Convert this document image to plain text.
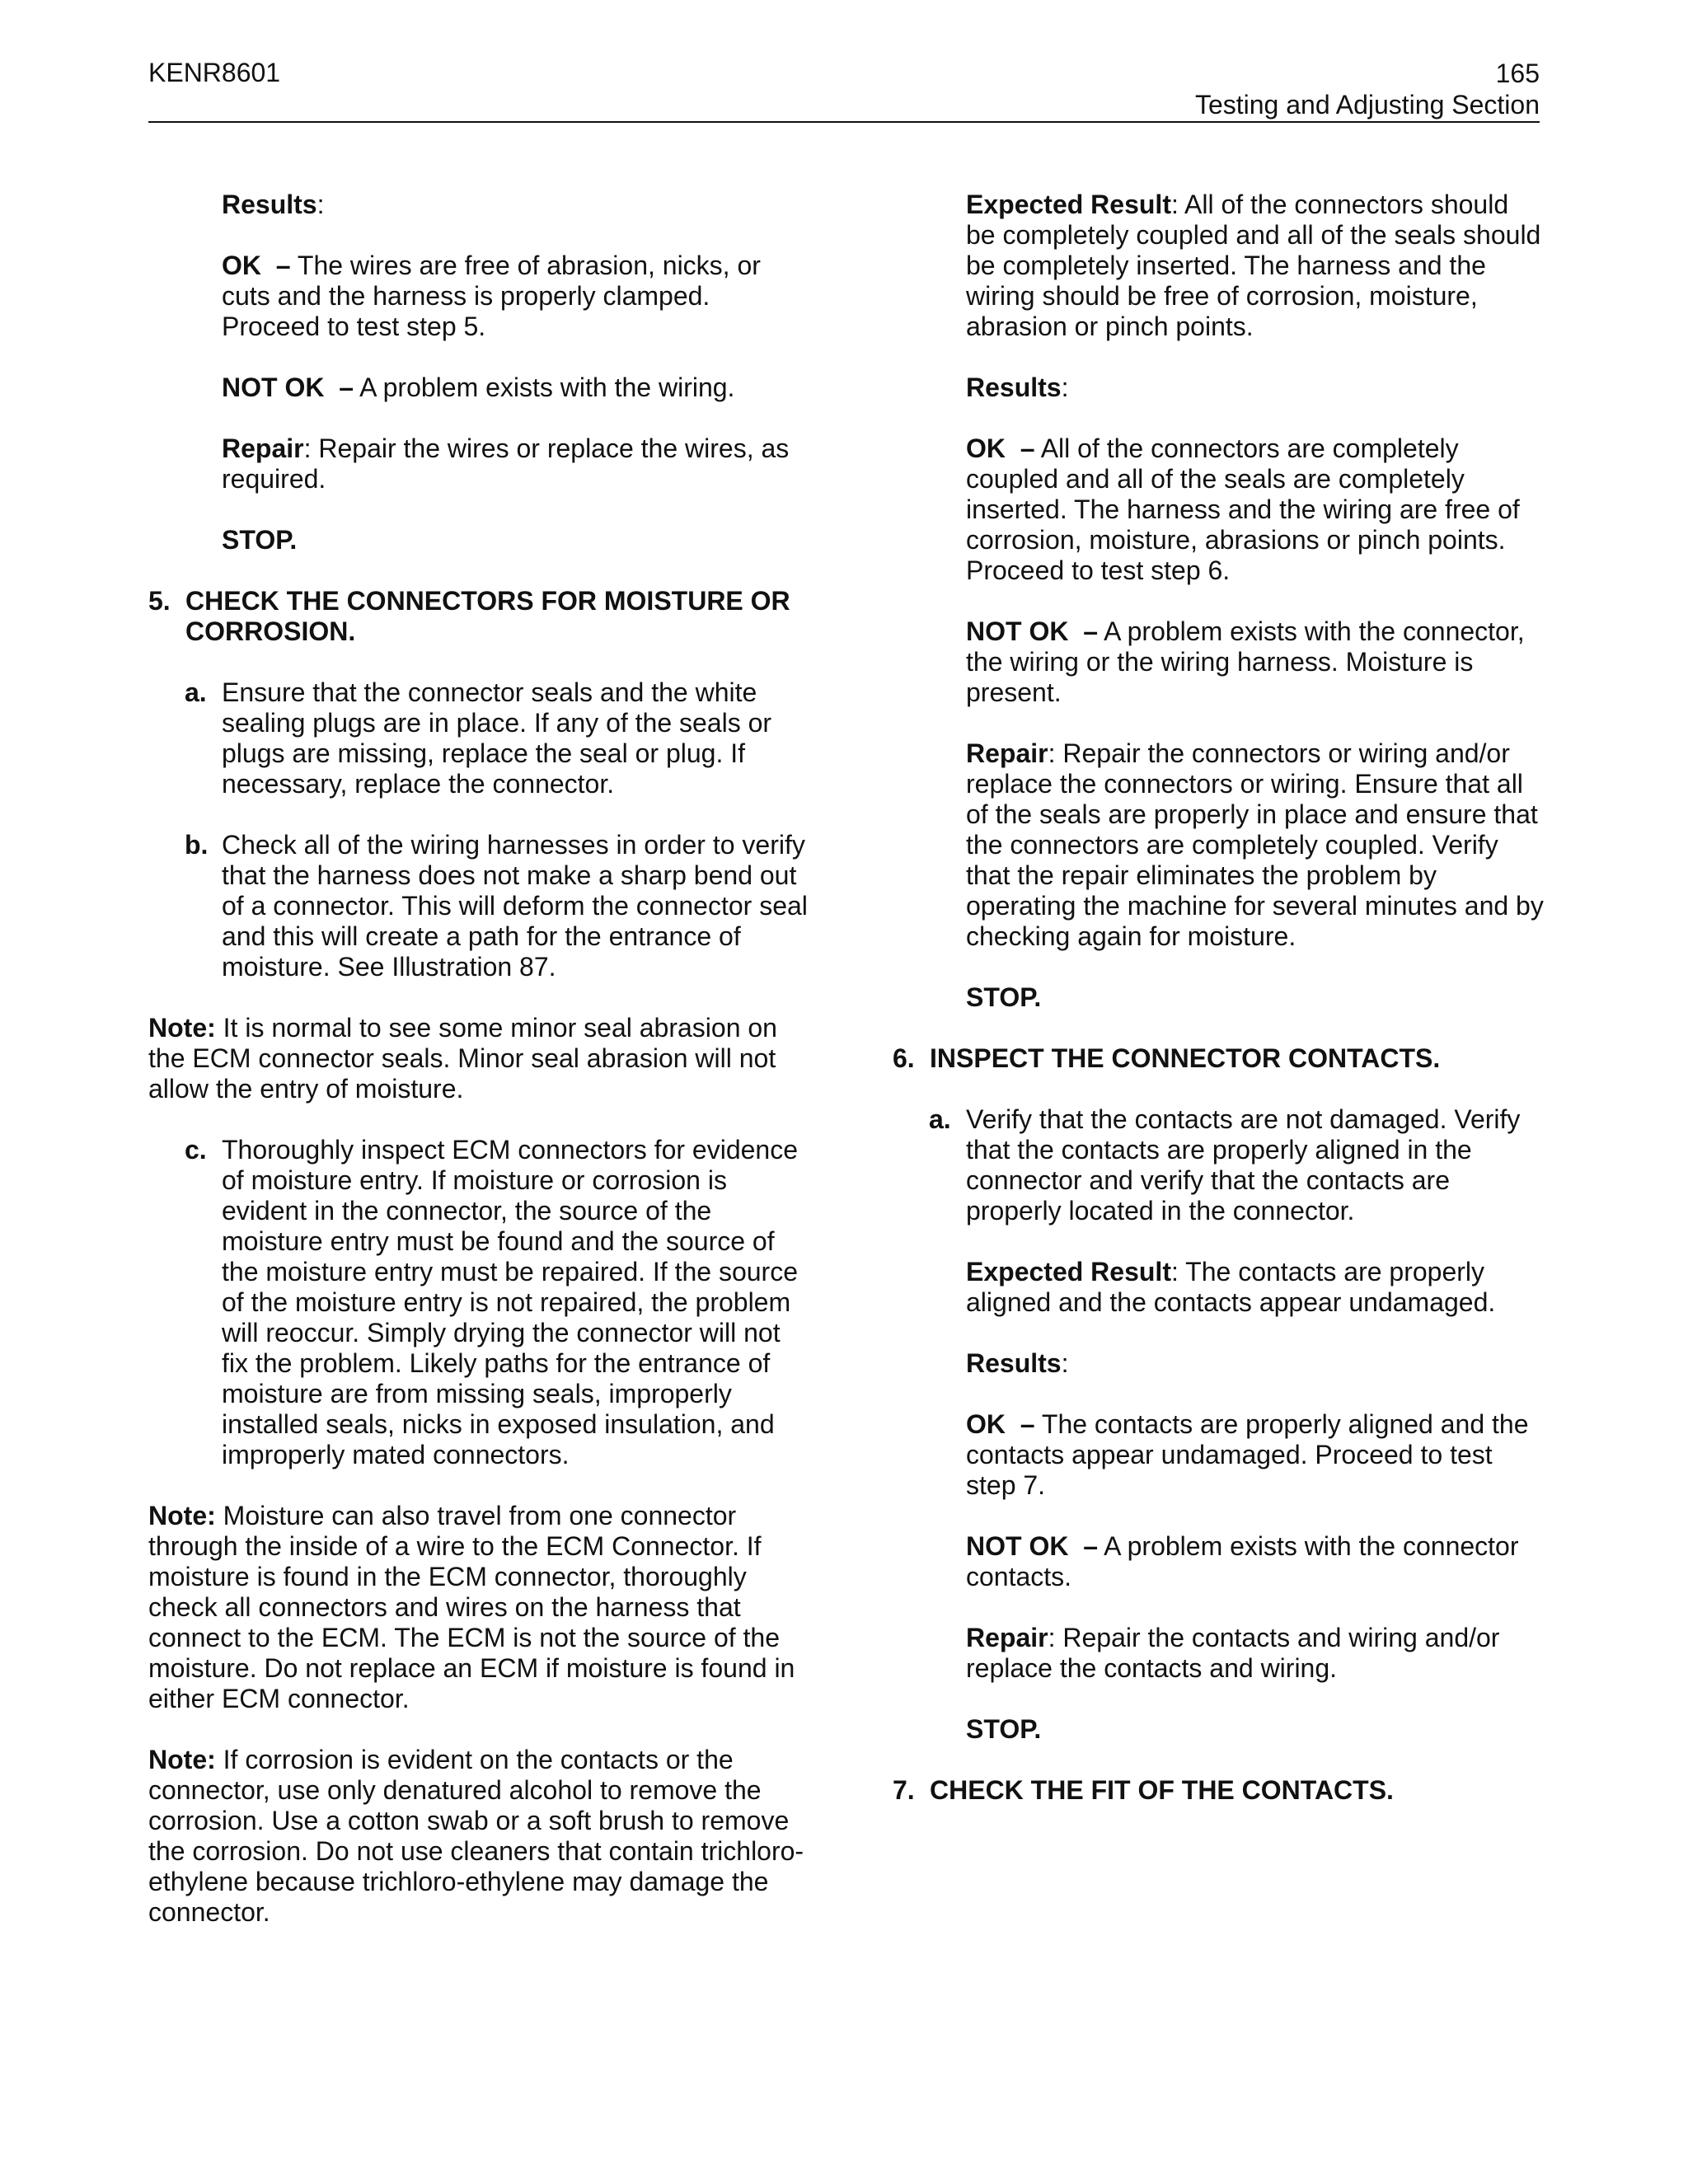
KENR8601	165
Testing and Adjusting Section

Results:

OK – The wires are free of abrasion, nicks, or cuts and the harness is properly clamped. Proceed to test step 5.

NOT OK – A problem exists with the wiring.

Repair: Repair the wires or replace the wires, as required.

STOP.

5. CHECK THE CONNECTORS FOR MOISTURE OR CORROSION.
a. Ensure that the connector seals and the white sealing plugs are in place. If any of the seals or plugs are missing, replace the seal or plug. If necessary, replace the connector.
b. Check all of the wiring harnesses in order to verify that the harness does not make a sharp bend out of a connector. This will deform the connector seal and this will create a path for the entrance of moisture. See Illustration 87.

Note: It is normal to see some minor seal abrasion on the ECM connector seals. Minor seal abrasion will not allow the entry of moisture.

c. Thoroughly inspect ECM connectors for evidence of moisture entry. If moisture or corrosion is evident in the connector, the source of the moisture entry must be found and the source of the moisture entry must be repaired. If the source of the moisture entry is not repaired, the problem will reoccur. Simply drying the connector will not fix the problem. Likely paths for the entrance of moisture are from missing seals, improperly installed seals, nicks in exposed insulation, and improperly mated connectors.

Note: Moisture can also travel from one connector through the inside of a wire to the ECM Connector. If moisture is found in the ECM connector, thoroughly check all connectors and wires on the harness that connect to the ECM. The ECM is not the source of the moisture. Do not replace an ECM if moisture is found in either ECM connector.

Note: If corrosion is evident on the contacts or the connector, use only denatured alcohol to remove the corrosion. Use a cotton swab or a soft brush to remove the corrosion. Do not use cleaners that contain trichloro-ethylene because trichloro-ethylene may damage the connector.

Expected Result: All of the connectors should be completely coupled and all of the seals should be completely inserted. The harness and the wiring should be free of corrosion, moisture, abrasion or pinch points.

Results:

OK – All of the connectors are completely coupled and all of the seals are completely inserted. The harness and the wiring are free of corrosion, moisture, abrasions or pinch points. Proceed to test step 6.

NOT OK – A problem exists with the connector, the wiring or the wiring harness. Moisture is present.

Repair: Repair the connectors or wiring and/or replace the connectors or wiring. Ensure that all of the seals are properly in place and ensure that the connectors are completely coupled. Verify that the repair eliminates the problem by operating the machine for several minutes and by checking again for moisture.

STOP.

6. INSPECT THE CONNECTOR CONTACTS.
a. Verify that the contacts are not damaged. Verify that the contacts are properly aligned in the connector and verify that the contacts are properly located in the connector.

Expected Result: The contacts are properly aligned and the contacts appear undamaged.

Results:

OK – The contacts are properly aligned and the contacts appear undamaged. Proceed to test step 7.

NOT OK – A problem exists with the connector contacts.

Repair: Repair the contacts and wiring and/or replace the contacts and wiring.

STOP.

7. CHECK THE FIT OF THE CONTACTS.
